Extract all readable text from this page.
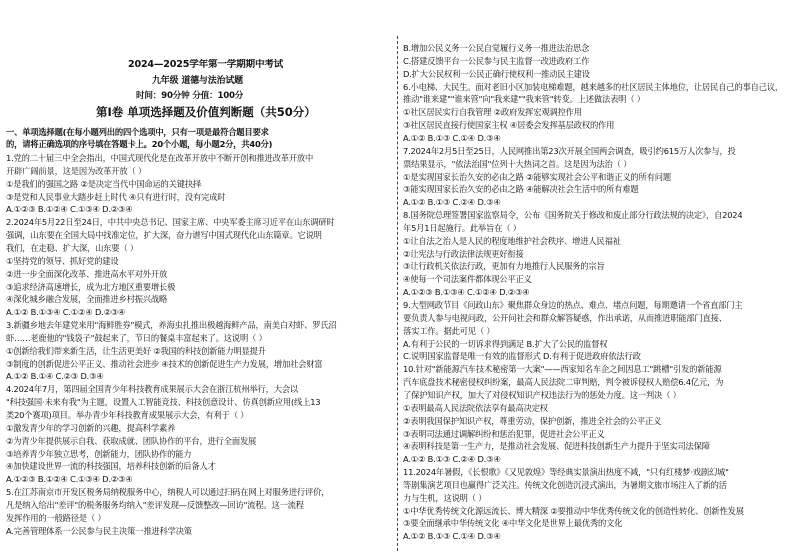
2024—2025学年第一学期期中考试
九年级 道德与法治试题
时间：90分钟 分值：100分
第Ⅰ卷 单项选择题及价值判断题（共50分）
一、单项选择题(在每小题列出的四个选项中，只有一项是最符合题目要求
的，请将正确选项的序号填在答题卡上。20个小题，每小题2分，共40分)
1.党的二十届三中全会指出，中国式现代化是在改革开放中不断开创和推进改革开放中
开辟广阔前景，这是因为改革开放（ ）
①是我们的强国之路 ②是决定当代中国命运的关键抉择
③是党和人民事业大踏步赶上时代 ④只有进行时，没有完成时
A.①②③ B.①②④ C.①③④ D.②③④
2.2024年5月22日至24日，中共中央总书记、国家主席、中央军委主席习近平在山东调研时
强调，山东要在全国大局中找准定位，扩大深，奋力谱写中国式现代化山东篇章。它说明
我们，在走稳、扩大深，山东要（ ）
①坚持党的领导、抓好党的建设
②进一步全面深化改革、推进高水平对外开放
③追求经济高速增长，成为北方地区重要增长极
④深化城乡融合发展，全面推进乡村振兴战略
A.①② B.①③④ C.①②④ D.②③④
3.新疆乡地去年建党来用"海鲜胜券"模式，养海虫扎推出极越海鲜产品，南美白对虾、罗氏沼
虾……老鹿他的"钱袋子"鼓起来了，节日的餐桌丰富起来了。这说明（ ）
①创新给我们带来新生活，让生活更美好 ②我国的科技创新能力明显提升
③制度的创新促进公平正义、推动社会进步 ④技术的创新促进生产力发展，增加社会财富
A.①② B.①④ C.②③ D.③④
4.2024年7月，第四届全国青少年科技教育成果展示大会在浙江杭州举行，大会以
"科技强国·未来有我"为主题，设置人工智能竞技、科技创意设计、仿真创新应用(线上13
类20个赛项)项目。举办青少年科技教育成果展示大会，有利于（ ）
①激发青少年的学习创新的兴趣，提高科学素养
②为青少年提供展示自我、获取成就、团队协作的平台，进行全面发展
③培养青少年独立思考，创新能力，团队协作的能力
④加快建设世界一流的科技强国，培养科技创新的后备人才
A.①②③ B.①②④ C.①③④ D.②③④
5.在江苏南京市开发区税务局纳税服务中心，纳税人可以通过扫码在网上对服务进行评价，
凡是纳入给出"差评"的税务服务均纳入"差评发现—反馈整改—回访"流程。这一流程
发挥作用的一般路径是（ ）
A.完善管理体系一公民参与民主决策一推进科学决策
B.增加公民义务一公民自觉履行义务一推进法治思念
C.搭建反馈平台一公民参与民主监督一改进政府工作
D.扩大公民权利一公民正确行使权利一推动民主建设
6.小电梯、大民生。面对老旧小区加装电梯难题，越来越多的社区居民主体地位，让居民自己的事自己议，
推动"谁来建""谁来管"向"我来建""我来管"转变。上述做法表明（ ）
①社区居民实行自我管理 ②政府发挥宏观调控作用
③社区居民直接行使国家主权 ④居委会发挥基层政权的作用
A.①② B.①③ C.①④ D.③④
7.2024年2月5日至25日，人民网推出第23次开展全国两会调查，吸引约615万人次参与，投
票结果显示，"依法治国"位列十大热词之首。这是因为法治（ ）
①是实现国家长治久安的必由之路 ②能够实现社会公平和谐正义的所有问题
③能实现国家长治久安的必由之路 ④能解决社会生活中的所有难题
A.①② B.①③ C.②④ D.③④
8.国务院总理签署国家监察局令，公布《国务院关于修改和废止部分行政法规的决定》，自2024
年5月1日起施行。此举旨在（ ）
①让自法之治人是人民的程度地维护社会秩序、增进人民福祉
②让宪法与行政法律法规更好衔接
③让行政机关依法行政，更加有力地推行人民服务的宗旨
④使每一个司法案件都体现公平正义
A.①②③ B.①③④ C.①②④ D.②③④
9.大型网政节目《问政山东》聚焦群众身边的热点、难点、堵点问题，每期邀请一个省直部门主
要负责人参与电视问政，公开问社会和群众解答疑惑，作出承诺，从而推进职能部门直接、
落实工作。据此可见（ ）
A.有利于公民的一切诉求得到满足 B.扩大了公民的监督权
C.说明国家监督是唯一有效的监督形式 D.有利于促进政府依法行政
10.针对"新能源汽车技术秘密第一大案"——西家知名车企之间因息工"跳槽"引发的新能源
汽车底盘技术秘密侵权纠纷案，最高人民法院二审判赔，判令被诉侵权人赔偿6.4亿元，为
了保护知识产权，加大了对侵权知识产权违法行为的惩处力度。这一判决（ ）
①表明最高人民法院依法享有最高决定权
②表明我国保护知识产权，尊重劳动，保护创新，推进全社会的公平正义
③表明司法通过调解纠纷和惩治犯罪，促进社会公平正义
④表明科技是第一生产力，是推动社会发展、促进科技创新生产力提升于坚实司法保障
A.①② B.①③ C.②④ D.③④
11.2024年暑假，《长恨歌》《又见敦煌》等经典实景演出热度不减，"只有红楼梦·戏剧幻城"
等剧集演艺项目也赢得广泛关注。传统文化创造沉浸式演出，为暑期文旅市场注入了新的活
力与生机，这说明（ ）
①中华优秀传统文化源远流长、博大精深 ②要推动中华优秀传统文化的创造性转化、创新性发展
③要全面继承中华传统文化 ④中华文化是世界上最优秀的文化
A.①② B.①③ C.①④ D.③④
